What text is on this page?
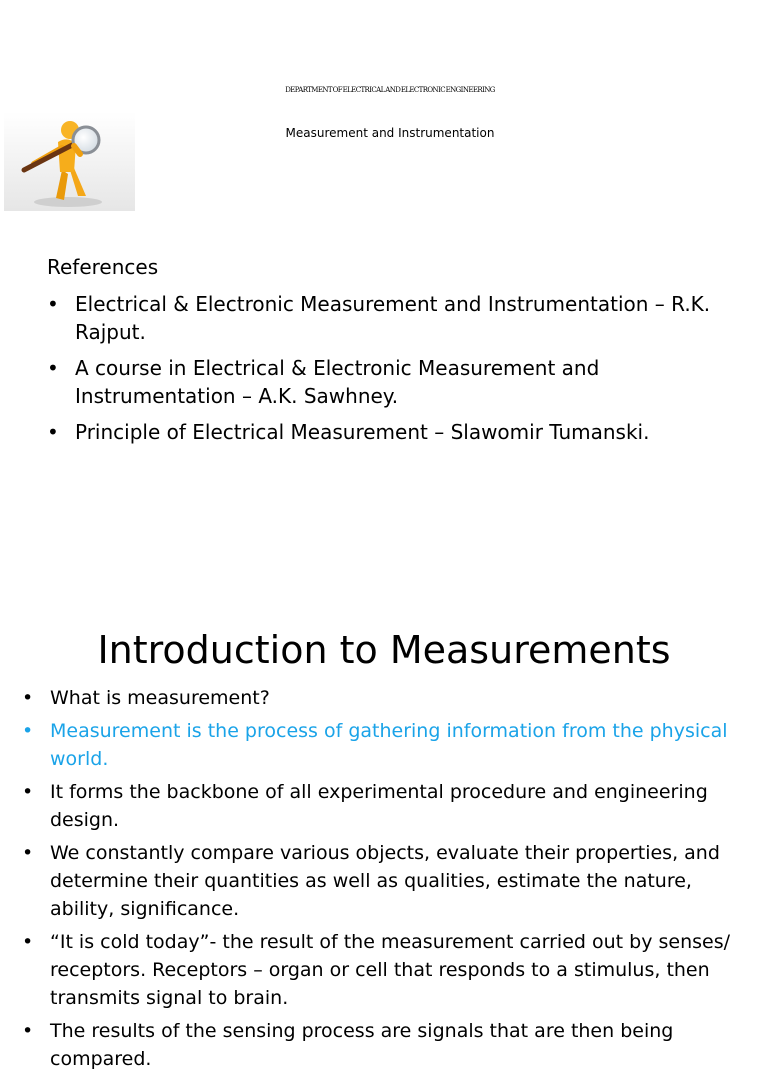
DEPARTMENT OF ELECTRICAL AND ELECTRONIC ENGINEERING
Measurement and Instrumentation
References
• Electrical & Electronic Measurement and Instrumentation – R.K. Rajput.
• A course in Electrical & Electronic Measurement and Instrumentation – A.K. Sawhney.
• Principle of Electrical Measurement – Slawomir Tumanski.
Introduction to Measurements
• What is measurement?
• Measurement is the process of gathering information from the physical world.
• It forms the backbone of all experimental procedure and engineering design.
• We constantly compare various objects, evaluate their properties, and determine their quantities as well as qualities, estimate the nature, ability, significance.
• “It is cold today”- the result of the measurement carried out by senses/ receptors. Receptors – organ or cell that responds to a stimulus, then transmits signal to brain.
• The results of the sensing process are signals that are then being compared.
